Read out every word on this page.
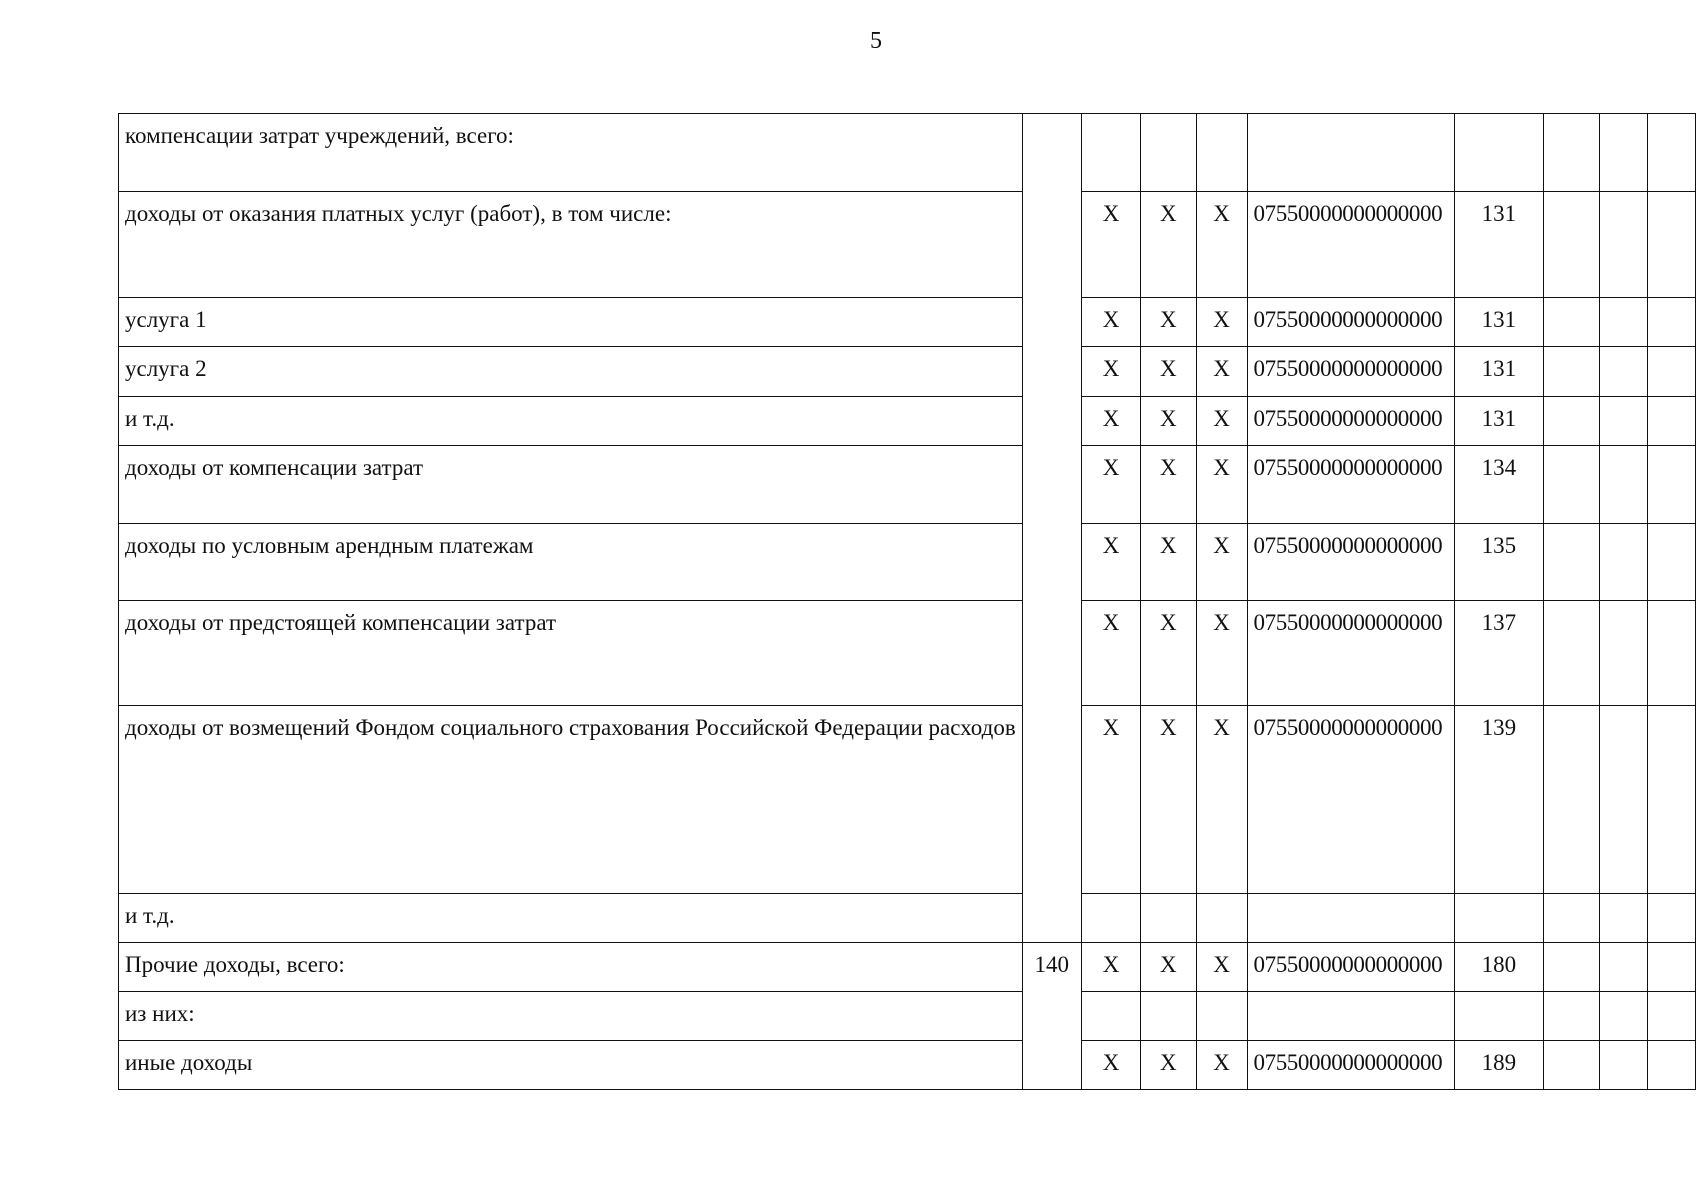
5
компенсации затрат учреждений, всего:									
доходы от оказания платных услуг (работ), в том числе:		X	X	X	07550000000000000	131			
услуга 1		X	X	X	07550000000000000	131			
услуга 2		X	X	X	07550000000000000	131			
и т.д.		X	X	X	07550000000000000	131			
доходы от компенсации затрат		X	X	X	07550000000000000	134			
доходы по условным арендным платежам		X	X	X	07550000000000000	135			
доходы от предстоящей компенсации затрат		X	X	X	07550000000000000	137			
доходы от возмещений Фондом социального страхования Российской Федерации расходов		X	X	X	07550000000000000	139			
и т.д.									
Прочие доходы, всего:	140	X	X	X	07550000000000000	180			
из них:									
иные доходы		X	X	X	07550000000000000	189			
